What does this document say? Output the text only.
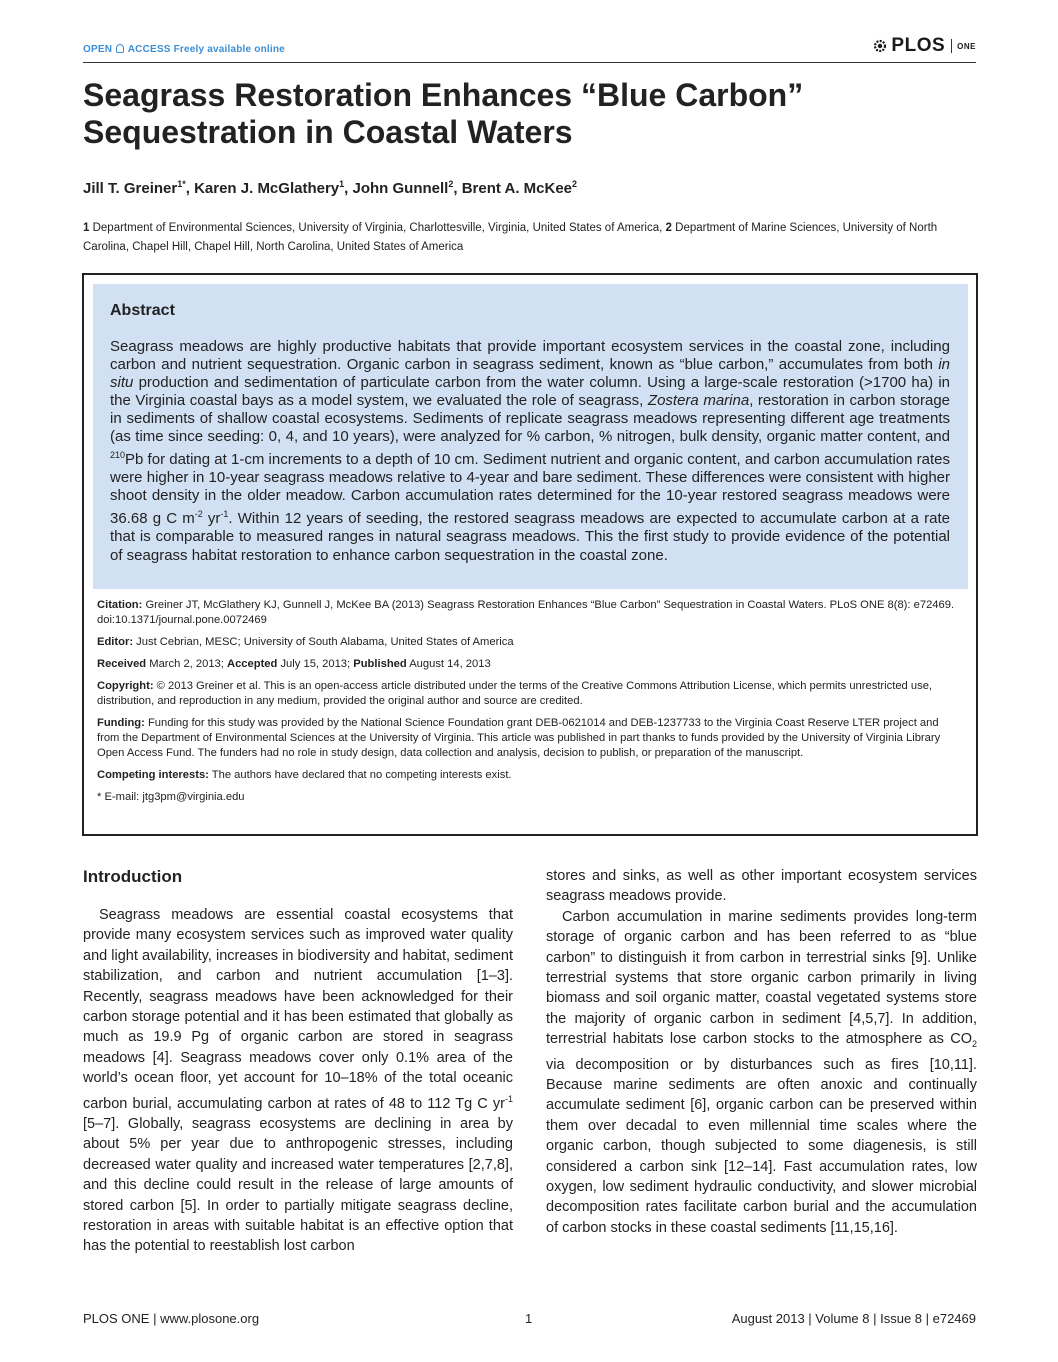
OPEN ACCESS Freely available online	PLOS ONE
Seagrass Restoration Enhances “Blue Carbon” Sequestration in Coastal Waters
Jill T. Greiner$^{1*}$, Karen J. McGlathery$^1$, John Gunnell$^2$, Brent A. McKee$^2$
1 Department of Environmental Sciences, University of Virginia, Charlottesville, Virginia, United States of America, 2 Department of Marine Sciences, University of North Carolina, Chapel Hill, Chapel Hill, North Carolina, United States of America
Abstract
Seagrass meadows are highly productive habitats that provide important ecosystem services in the coastal zone, including carbon and nutrient sequestration. Organic carbon in seagrass sediment, known as “blue carbon,” accumulates from both in situ production and sedimentation of particulate carbon from the water column. Using a large-scale restoration (>1700 ha) in the Virginia coastal bays as a model system, we evaluated the role of seagrass, Zostera marina, restoration in carbon storage in sediments of shallow coastal ecosystems. Sediments of replicate seagrass meadows representing different age treatments (as time since seeding: 0, 4, and 10 years), were analyzed for % carbon, % nitrogen, bulk density, organic matter content, and $^{210}$Pb for dating at 1-cm increments to a depth of 10 cm. Sediment nutrient and organic content, and carbon accumulation rates were higher in 10-year seagrass meadows relative to 4-year and bare sediment. These differences were consistent with higher shoot density in the older meadow. Carbon accumulation rates determined for the 10-year restored seagrass meadows were 36.68 g C $m^{-2}$ $yr^{-1}$. Within 12 years of seeding, the restored seagrass meadows are expected to accumulate carbon at a rate that is comparable to measured ranges in natural seagrass meadows. This the first study to provide evidence of the potential of seagrass habitat restoration to enhance carbon sequestration in the coastal zone.

Citation: Greiner JT, McGlathery KJ, Gunnell J, McKee BA (2013) Seagrass Restoration Enhances “Blue Carbon” Sequestration in Coastal Waters. PLoS ONE 8(8): e72469. doi:10.1371/journal.pone.0072469

Editor: Just Cebrian, MESC; University of South Alabama, United States of America

Received March 2, 2013; Accepted July 15, 2013; Published August 14, 2013

Copyright: © 2013 Greiner et al. This is an open-access article distributed under the terms of the Creative Commons Attribution License, which permits unrestricted use, distribution, and reproduction in any medium, provided the original author and source are credited.

Funding: Funding for this study was provided by the National Science Foundation grant DEB-0621014 and DEB-1237733 to the Virginia Coast Reserve LTER project and from the Department of Environmental Sciences at the University of Virginia. This article was published in part thanks to funds provided by the University of Virginia Library Open Access Fund. The funders had no role in study design, data collection and analysis, decision to publish, or preparation of the manuscript.

Competing interests: The authors have declared that no competing interests exist.

* E-mail: jtg3pm@virginia.edu

Introduction

Seagrass meadows are essential coastal ecosystems that provide many ecosystem services such as improved water quality and light availability, increases in biodiversity and habitat, sediment stabilization, and carbon and nutrient accumulation [1–3]. Recently, seagrass meadows have been acknowledged for their carbon storage potential and it has been estimated that globally as much as 19.9 Pg of organic carbon are stored in seagrass meadows [4]. Seagrass meadows cover only 0.1% area of the world’s ocean floor, yet account for 10–18% of the total oceanic carbon burial, accumulating carbon at rates of 48 to 112 Tg C $yr^{-1}$ [5–7]. Globally, seagrass ecosystems are declining in area by about 5% per year due to anthropogenic stresses, including decreased water quality and increased water temperatures [2,7,8], and this decline could result in the release of large amounts of stored carbon [5]. In order to partially mitigate seagrass decline, restoration in areas with suitable habitat is an effective option that has the potential to reestablish lost carbon

stores and sinks, as well as other important ecosystem services seagrass meadows provide.

Carbon accumulation in marine sediments provides long-term storage of organic carbon and has been referred to as “blue carbon” to distinguish it from carbon in terrestrial sinks [9]. Unlike terrestrial systems that store organic carbon primarily in living biomass and soil organic matter, coastal vegetated systems store the majority of organic carbon in sediment [4,5,7]. In addition, terrestrial habitats lose carbon stocks to the atmosphere as $CO_2$ via decomposition or by disturbances such as fires [10,11]. Because marine sediments are often anoxic and continually accumulate sediment [6], organic carbon can be preserved within them over decadal to even millennial time scales where the organic carbon, though subjected to some diagenesis, is still considered a carbon sink [12–14]. Fast accumulation rates, low oxygen, low sediment hydraulic conductivity, and slower microbial decomposition rates facilitate carbon burial and the accumulation of carbon stocks in these coastal sediments [11,15,16].

PLOS ONE | www.plosone.org	1	August 2013 | Volume 8 | Issue 8 | e72469
